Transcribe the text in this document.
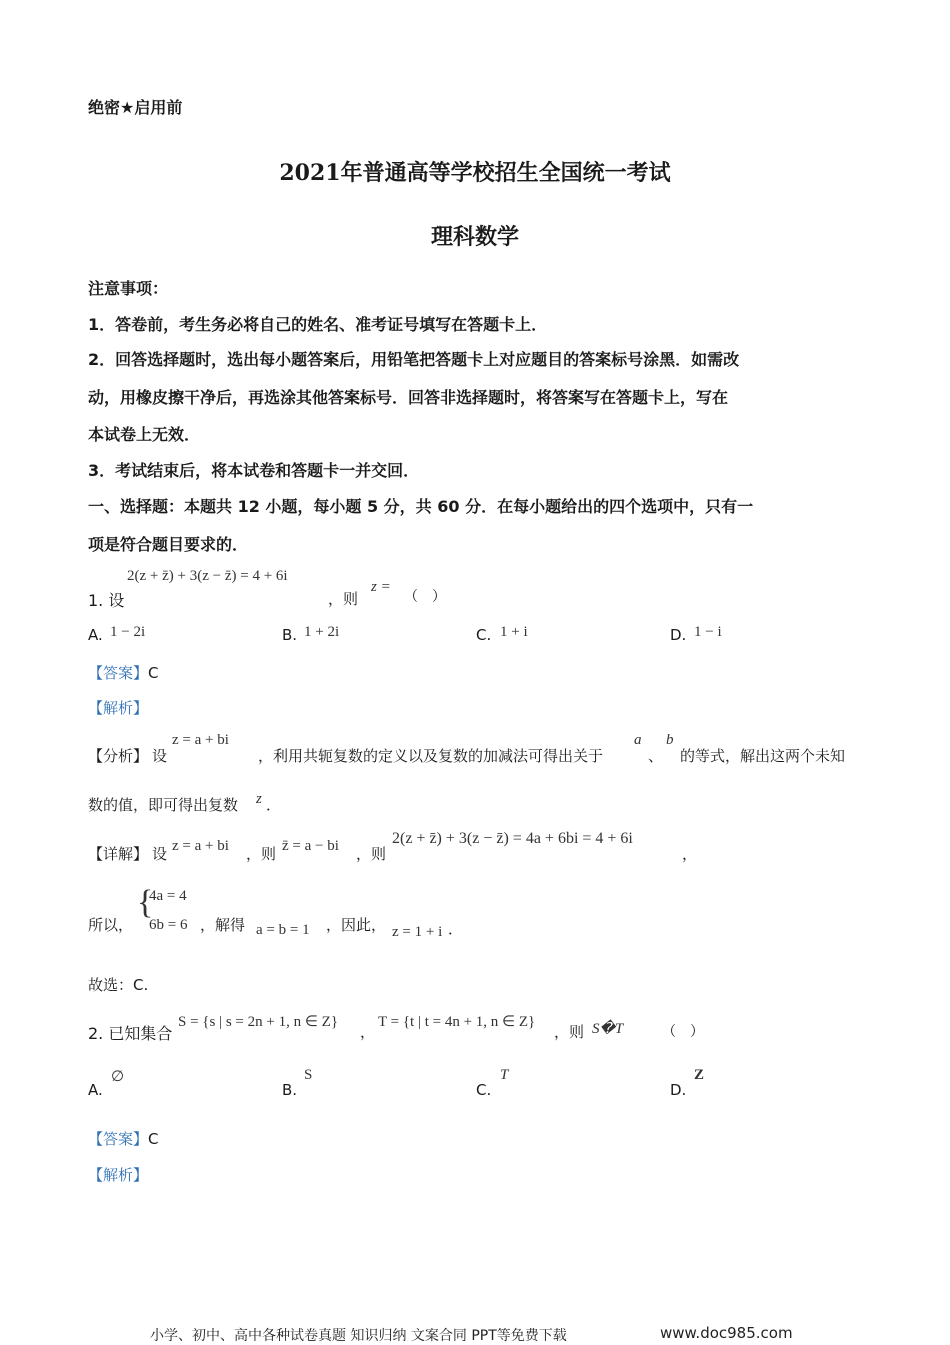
绝密★启用前
2021年普通高等学校招生全国统一考试
理科数学
注意事项：
1．答卷前，考生务必将自己的姓名、准考证号填写在答题卡上．
2．回答选择题时，选出每小题答案后，用铅笔把答题卡上对应题目的答案标号涂黑．如需改
动，用橡皮擦干净后，再选涂其他答案标号．回答非选择题时，将答案写在答题卡上，写在
本试卷上无效．
3．考试结束后，将本试卷和答题卡一并交回．
一、选择题：本题共 12 小题，每小题 5 分，共 60 分．在每小题给出的四个选项中，只有一
项是符合题目要求的．
1. 设
2(z + z̄) + 3(z − z̄) = 4 + 6i
，则
z =
（　）
A. 1 − 2i	B. 1 + 2i	C. 1 + i	D. 1 − i
【答案】C
【解析】
【分析】 设
z = a + bi
，利用共轭复数的定义以及复数的加减法可得出关于
a
、
b
的等式，解出这两个未知
数的值，即可得出复数 z ．
【详解】 设 z = a + bi ，则 z̄ = a − bi ，则
2(z + z̄) + 3(z − z̄) = 4a + 6bi = 4 + 6i
，
所以，
{
4a = 4
6b = 6 ，解得 a = b = 1 ，因此， z = 1 + i ．
故选：C.
2. 已知集合
S = {s | s = 2n + 1, n ∈ Z}
，
T = {t | t = 4n + 1, n ∈ Z}
，则 S�T	（　）
A.
∅
B.
S
C.
T
D.
Z
【答案】C
【解析】
小学、初中、高中各种试卷真题 知识归纳 文案合同 PPT等免费下载	www.doc985.com
